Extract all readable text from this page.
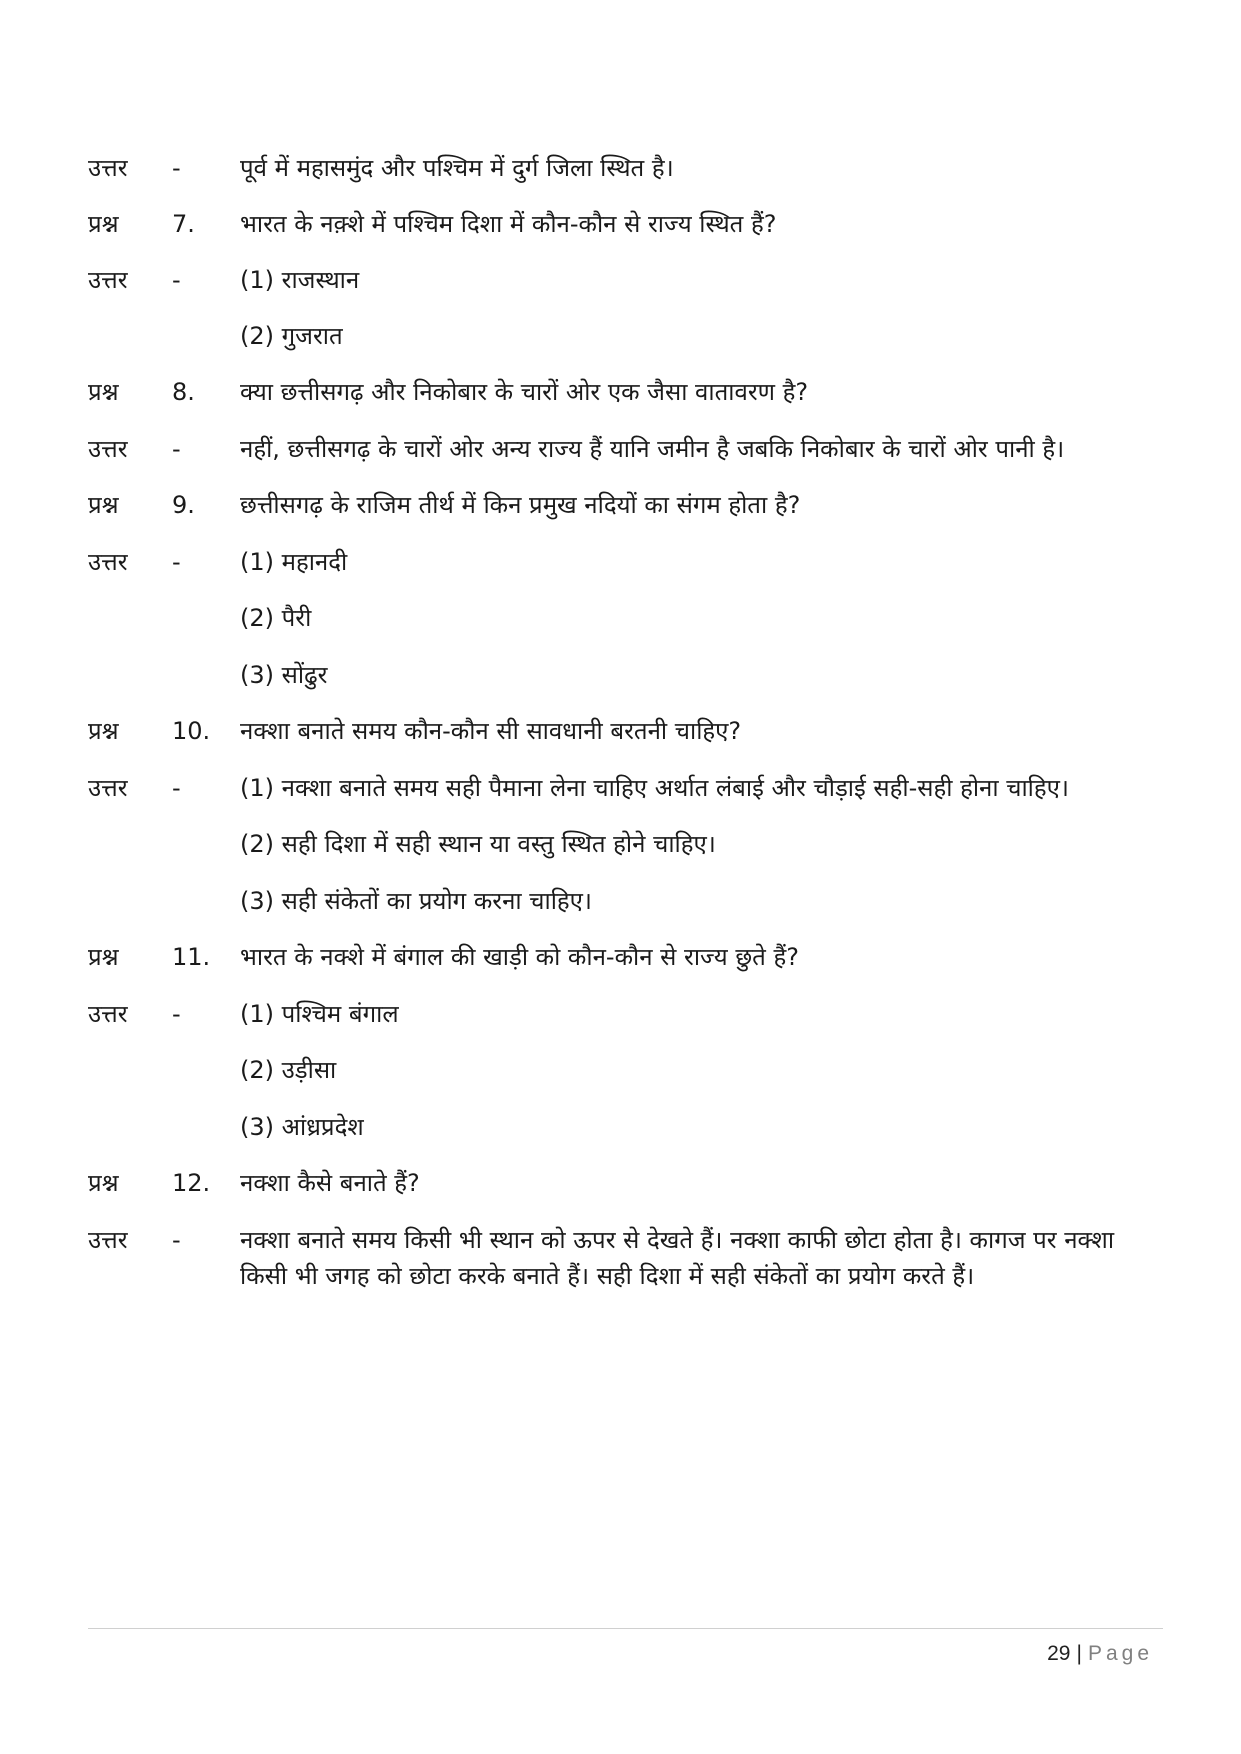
उत्तर	-	पूर्व में महासमुंद और पश्चिम में दुर्ग जिला स्थित है।
प्रश्न	7.	भारत के नक़्शे में पश्चिम दिशा में कौन-कौन से राज्य स्थित हैं?
उत्तर	-	(1) राजस्थान
(2) गुजरात
प्रश्न	8.	क्या छत्तीसगढ़ और निकोबार के चारों ओर एक जैसा वातावरण है?
उत्तर	-	नहीं, छत्तीसगढ़ के चारों ओर अन्य राज्य हैं यानि जमीन है जबकि निकोबार के चारों ओर पानी है।
प्रश्न	9.	छत्तीसगढ़ के राजिम तीर्थ में किन प्रमुख नदियों का संगम होता है?
उत्तर	-	(1) महानदी
(2) पैरी
(3) सोंढुर
प्रश्न	10.	नक्शा बनाते समय कौन-कौन सी सावधानी बरतनी चाहिए?
उत्तर	-	(1) नक्शा बनाते समय सही पैमाना लेना चाहिए अर्थात लंबाई और चौड़ाई सही-सही होना चाहिए।
(2) सही दिशा में सही स्थान या वस्तु स्थित होने चाहिए।
(3) सही संकेतों का प्रयोग करना चाहिए।
प्रश्न	11.	भारत के नक्शे में बंगाल की खाड़ी को कौन-कौन से राज्य छुते हैं?
उत्तर	-	(1) पश्चिम बंगाल
(2) उड़ीसा
(3) आंध्रप्रदेश
प्रश्न	12.	नक्शा कैसे बनाते हैं?
उत्तर	-	नक्शा बनाते समय किसी भी स्थान को ऊपर से देखते हैं। नक्शा काफी छोटा होता है। कागज पर नक्शा किसी भी जगह को छोटा करके बनाते हैं। सही दिशा में सही संकेतों का प्रयोग करते हैं।
29 | Page
